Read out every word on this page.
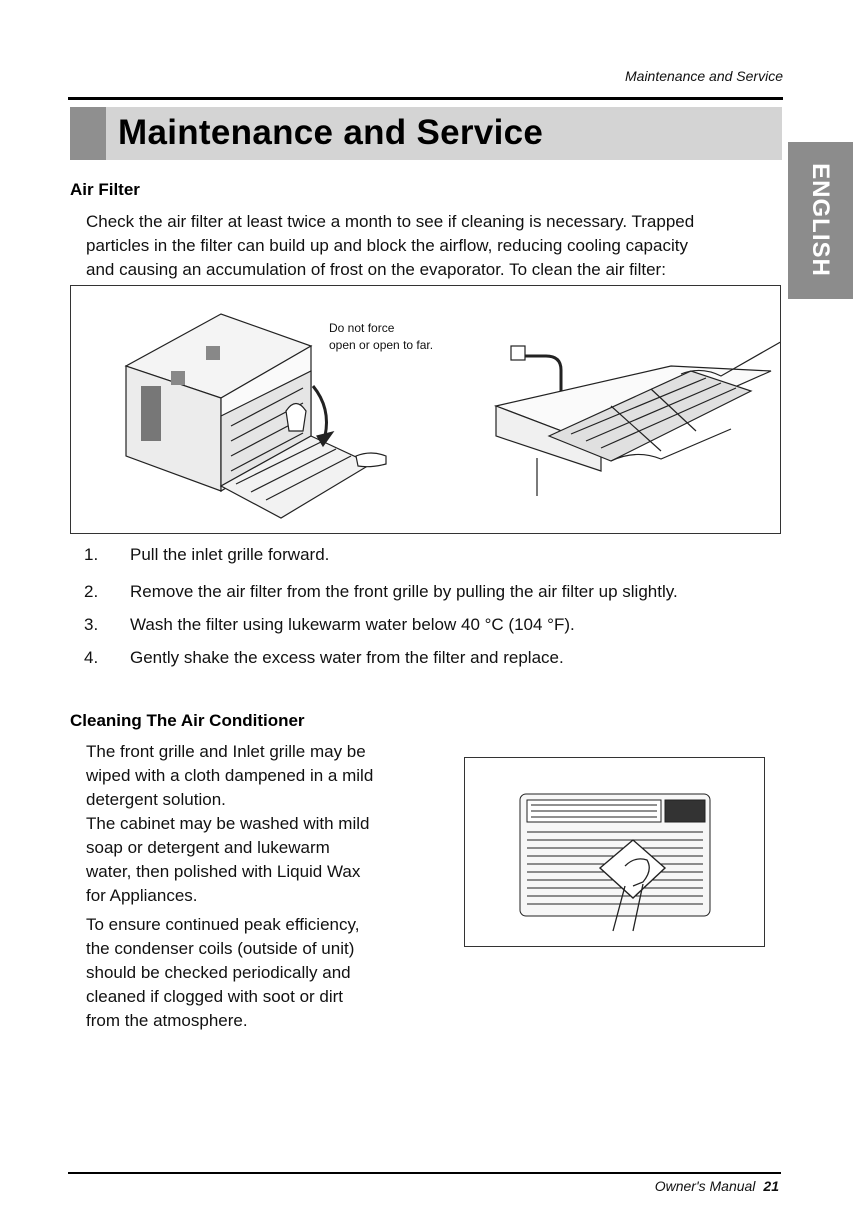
Maintenance and Service
Maintenance and Service
ENGLISH
Air Filter
Check the air filter at least twice a month to see if cleaning is necessary. Trapped
particles in the filter can build up and block the airflow, reducing cooling capacity
and causing an accumulation of frost on the evaporator. To clean the air filter:
Do not force
open or open to far.
1. Pull the inlet grille forward.
2. Remove the air filter from the front grille by pulling the air filter up slightly.
3. Wash the filter using lukewarm water below 40 °C (104 °F).
4. Gently shake the excess water from the filter and replace.
Cleaning The Air Conditioner
The front grille and Inlet grille may be
wiped with a cloth dampened in a mild
detergent solution.
The cabinet may be washed with mild
soap or detergent and lukewarm
water, then polished with Liquid Wax
for Appliances.
To ensure continued peak efficiency,
the condenser coils (outside of unit)
should be checked periodically and
cleaned if clogged with soot or dirt
from the atmosphere.
Owner's Manual 21
